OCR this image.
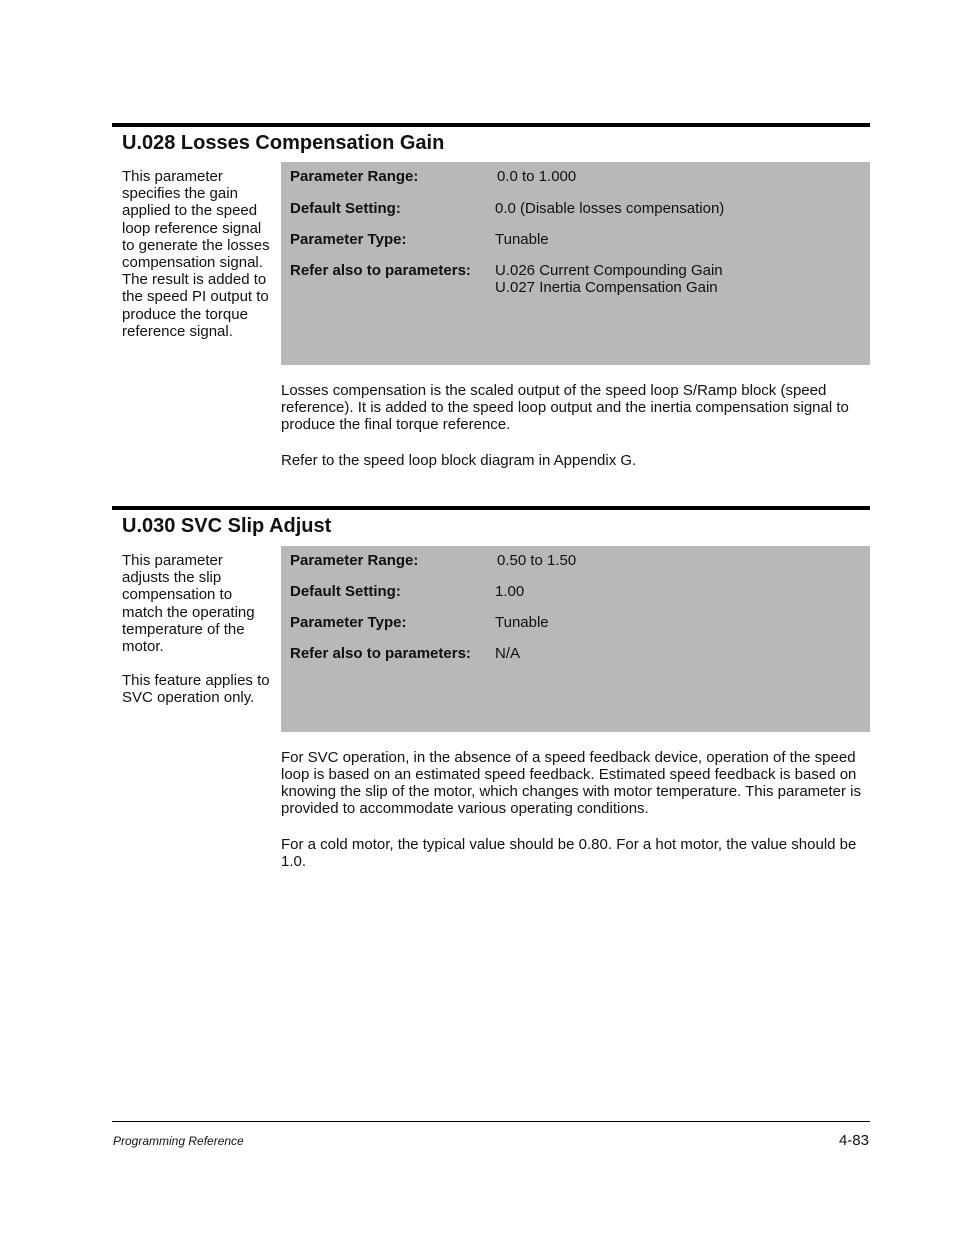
U.028 Losses Compensation Gain

This parameter specifies the gain applied to the speed loop reference signal to generate the losses compensation signal. The result is added to the speed PI output to produce the torque reference signal.

Parameter Range:	0.0 to 1.000
Default Setting:	0.0 (Disable losses compensation)
Parameter Type:	Tunable
Refer also to parameters: U.026 Current Compounding Gain
U.027 Inertia Compensation Gain

Losses compensation is the scaled output of the speed loop S/Ramp block (speed reference). It is added to the speed loop output and the inertia compensation signal to produce the final torque reference.

Refer to the speed loop block diagram in Appendix G.

U.030 SVC Slip Adjust

This parameter adjusts the slip compensation to match the operating temperature of the motor.

This feature applies to SVC operation only.

Parameter Range:	0.50 to 1.50
Default Setting:	1.00
Parameter Type:	Tunable
Refer also to parameters: N/A

For SVC operation, in the absence of a speed feedback device, operation of the speed loop is based on an estimated speed feedback. Estimated speed feedback is based on knowing the slip of the motor, which changes with motor temperature. This parameter is provided to accommodate various operating conditions.

For a cold motor, the typical value should be 0.80. For a hot motor, the value should be 1.0.

Programming Reference	4-83
